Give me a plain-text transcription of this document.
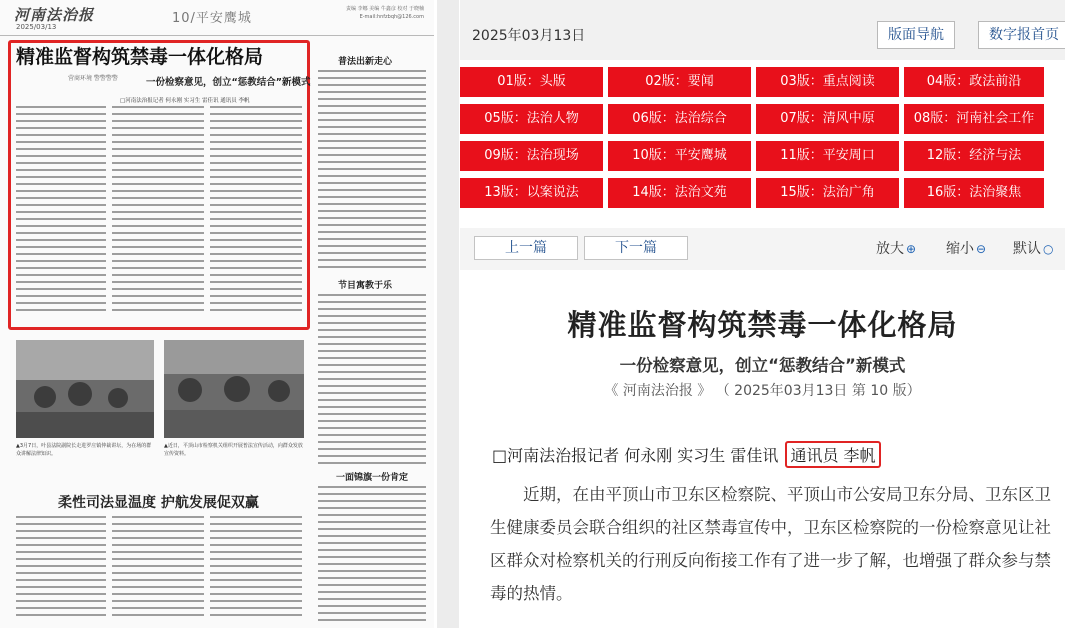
河南法治报
2025/03/13
10/平安鹰城
责编 李娜 美编 牛鑫彦 校对 于晓楠 E-mail:hnfzbqh@126.com
精准监督构筑禁毒一体化格局
营商环境 警警警警	一份检察意见，创立“惩教结合”新模式
□河南法治报记者 何永刚 实习生 雷佳讯 通讯员 李帆
普法出新走心
节目寓教于乐
一面锦旗一份肯定
▲3月7日，叶县法院副院长走进罗庄镇仲裁讲坛，为在场的群众讲解法律知识。
▲近日，平顶山市检察机关组织开展普法宣传活动，向群众发放宣传资料。
柔性司法显温度 护航发展促双赢
2025年03月13日	版面导航	数字报首页
01版：头版	02版：要闻	03版：重点阅读	04版：政法前沿
05版：法治人物	06版：法治综合	07版：清风中原	08版：河南社会工作
09版：法治现场	10版：平安鹰城	11版：平安周口	12版：经济与法
13版：以案说法	14版：法治文苑	15版：法治广角	16版：法治聚焦
上一篇	下一篇	放大 ⊕ 缩小 ⊖ 默认 ○
精准监督构筑禁毒一体化格局
一份检察意见，创立“惩教结合”新模式
《 河南法治报 》 （ 2025年03月13日 第 10 版）
□河南法治报记者 何永刚 实习生 雷佳讯 通讯员 李帆

近期，在由平顶山市卫东区检察院、平顶山市公安局卫东分局、卫东区卫生健康委员会联合组织的社区禁毒宣传中，卫东区检察院的一份检察意见让社区群众对检察机关的行刑反向衔接工作有了进一步了解，也增强了群众参与禁毒的热情。
